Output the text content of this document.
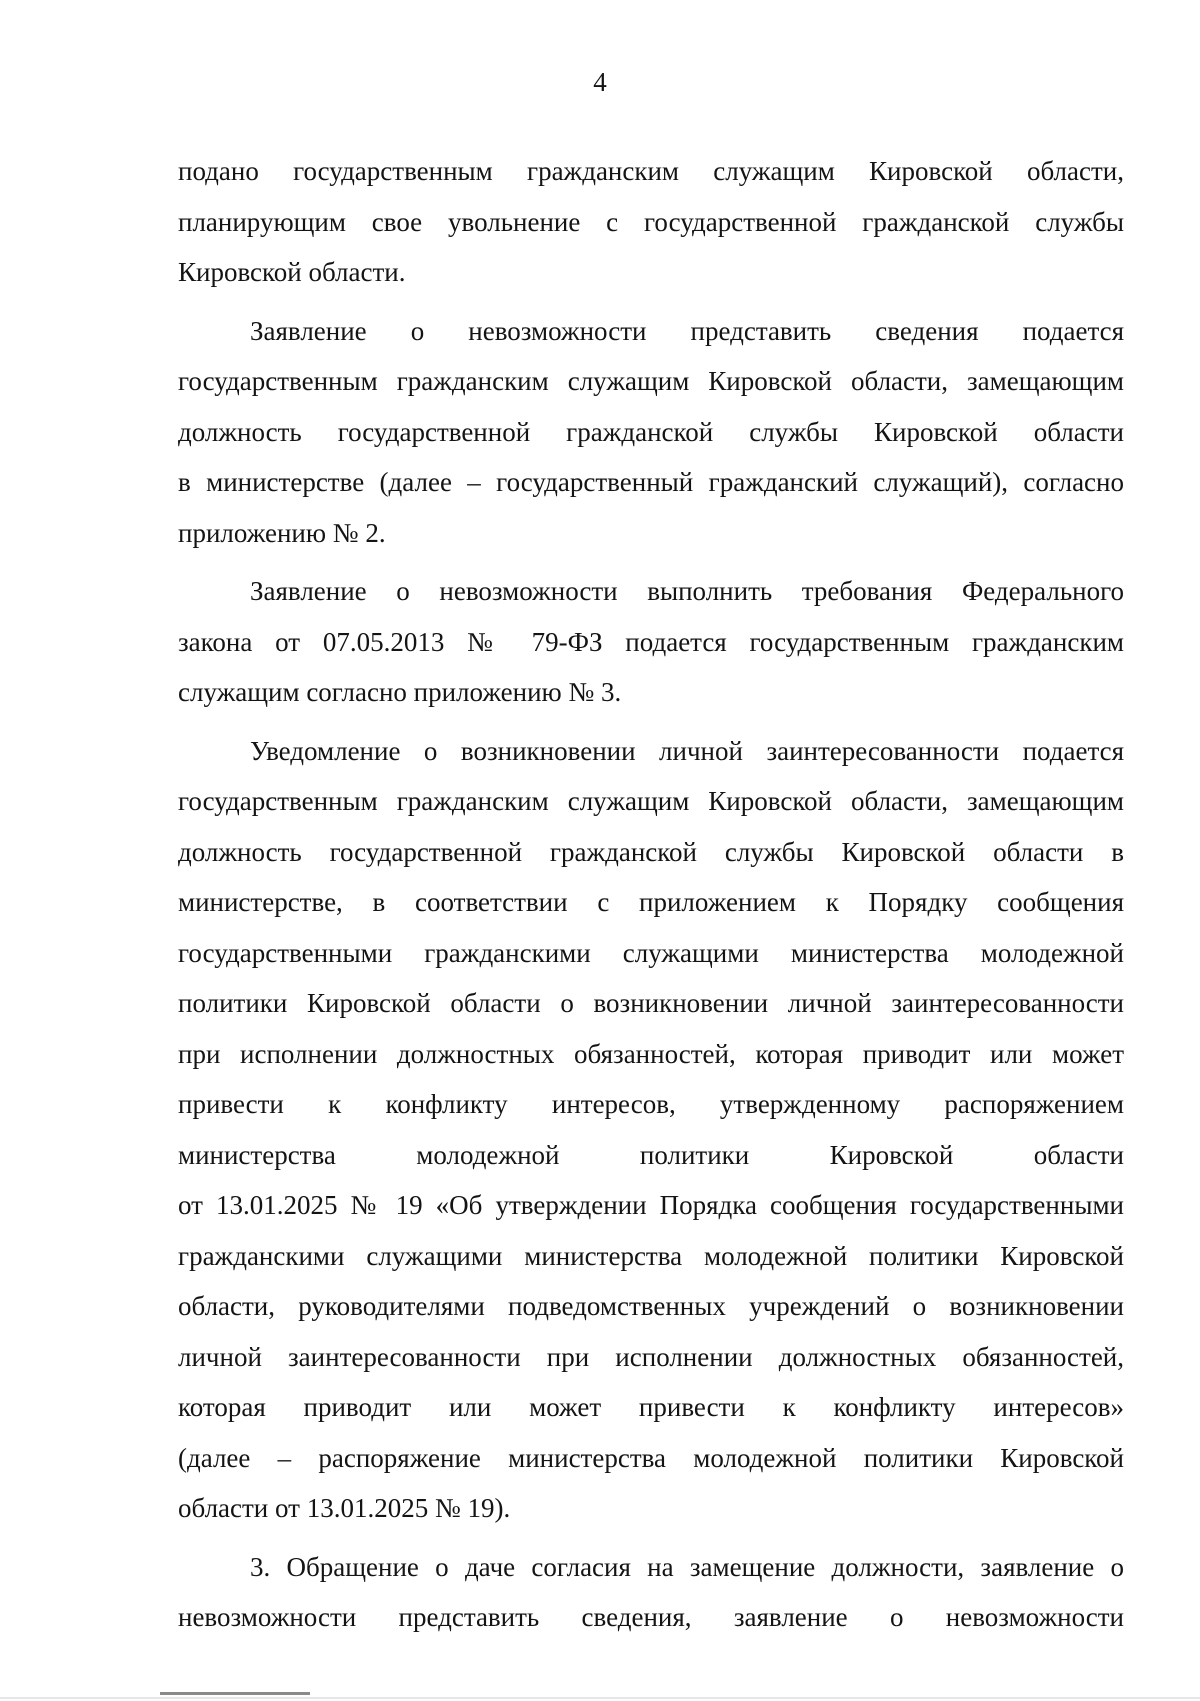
4
подано государственным гражданским служащим Кировской области,
планирующим свое увольнение с государственной гражданской службы
Кировской области.
Заявление о невозможности представить сведения подается
государственным гражданским служащим Кировской области, замещающим
должность государственной гражданской службы Кировской области
в министерстве (далее – государственный гражданский служащий), согласно
приложению № 2.
Заявление о невозможности выполнить требования Федерального
закона от 07.05.2013 № 79-ФЗ подается государственным гражданским
служащим согласно приложению № 3.
Уведомление о возникновении личной заинтересованности подается
государственным гражданским служащим Кировской области, замещающим
должность государственной гражданской службы Кировской области в
министерстве, в соответствии с приложением к Порядку сообщения
государственными гражданскими служащими министерства молодежной
политики Кировской области о возникновении личной заинтересованности
при исполнении должностных обязанностей, которая приводит или может
привести к конфликту интересов, утвержденному распоряжением
министерства молодежной политики Кировской области
от 13.01.2025 № 19 «Об утверждении Порядка сообщения государственными
гражданскими служащими министерства молодежной политики Кировской
области, руководителями подведомственных учреждений о возникновении
личной заинтересованности при исполнении должностных обязанностей,
которая приводит или может привести к конфликту интересов»
(далее – распоряжение министерства молодежной политики Кировской
области от 13.01.2025 № 19).
3. Обращение о даче согласия на замещение должности, заявление о
невозможности представить сведения, заявление о невозможности
